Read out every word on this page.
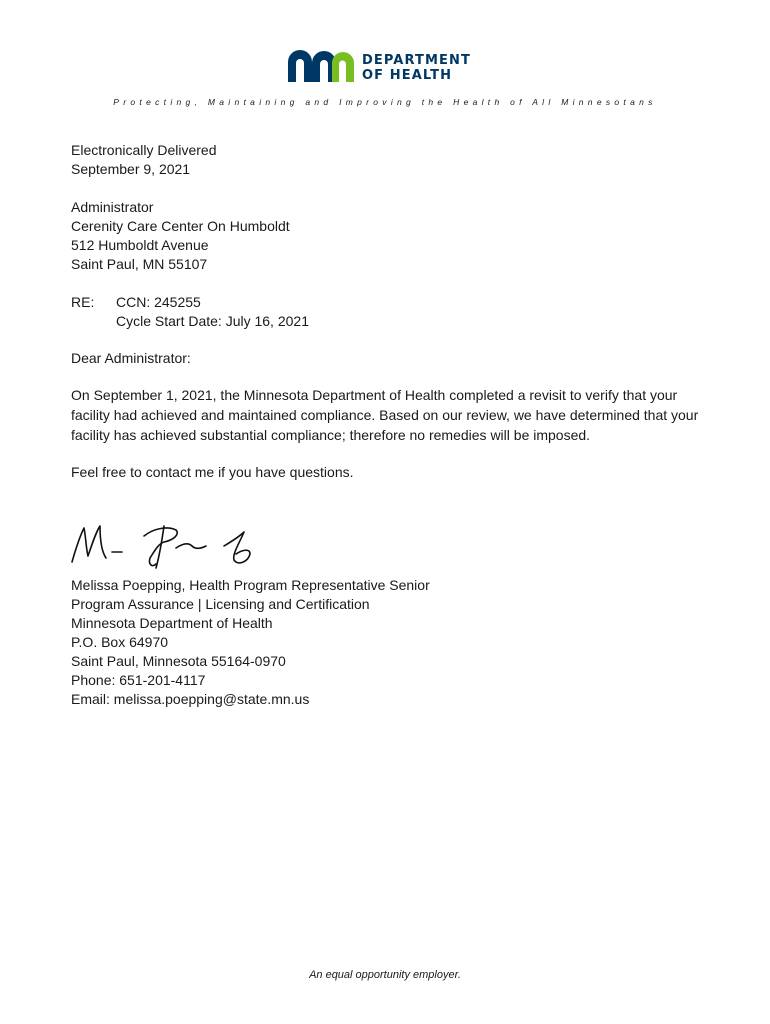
DEPARTMENT
OF HEALTH
Protecting, Maintaining and Improving the Health of All Minnesotans
Electronically Delivered
September 9, 2021
Administrator
Cerenity Care Center On Humboldt
512 Humboldt Avenue
Saint Paul, MN 55107
RE: CCN: 245255
Cycle Start Date: July 16, 2021
Dear Administrator:
On September 1, 2021, the Minnesota Department of Health completed a revisit to verify that your facility had achieved and maintained compliance. Based on our review, we have determined that your facility has achieved substantial compliance; therefore no remedies will be imposed.
Feel free to contact me if you have questions.
Melissa Poepping, Health Program Representative Senior
Program Assurance | Licensing and Certification
Minnesota Department of Health
P.O. Box 64970
Saint Paul, Minnesota 55164-0970
Phone: 651-201-4117
Email: melissa.poepping@state.mn.us
An equal opportunity employer.
